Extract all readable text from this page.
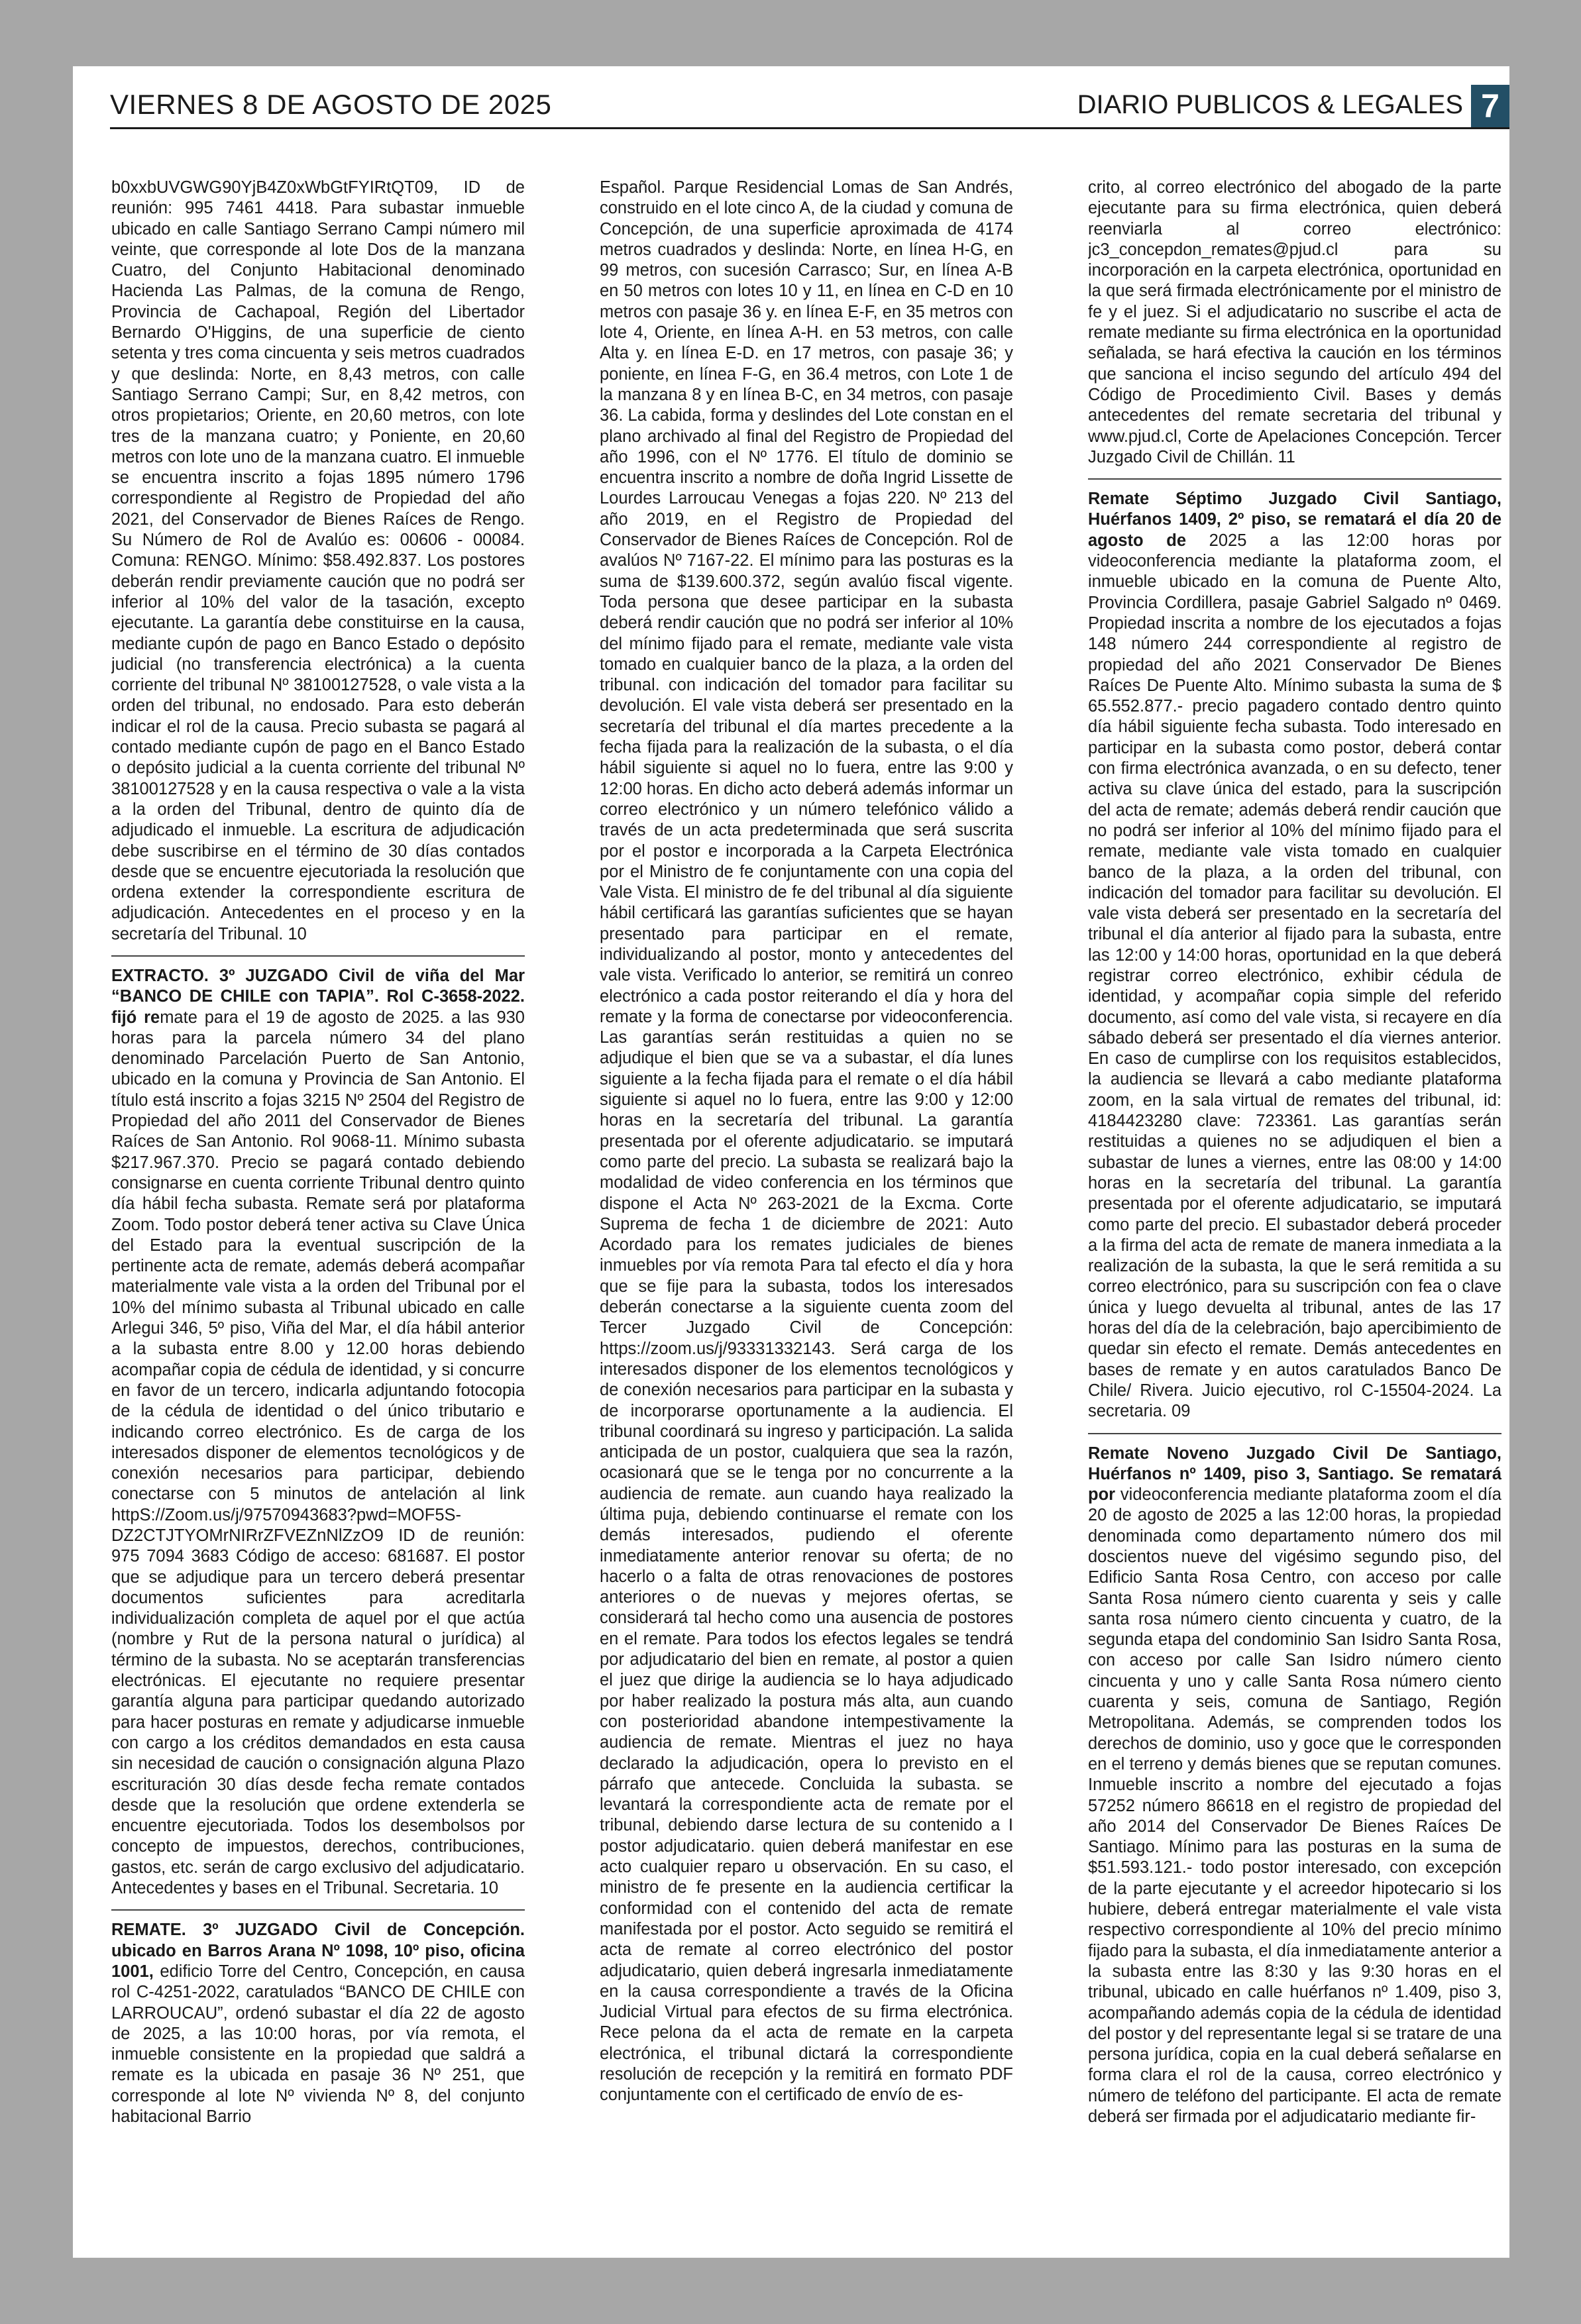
VIERNES 8 DE AGOSTO DE 2025	DIARIO PUBLICOS & LEGALES 7

b0xxbUVGWG90YjB4Z0xWbGtFYIRtQT09, ID de reunión: 995 7461 4418. Para subastar inmueble ubicado en calle Santiago Serrano Campi número mil veinte, que corresponde al lote Dos de la manzana Cuatro, del Conjunto Habitacional denominado Hacienda Las Palmas, de la comuna de Rengo, Provincia de Cachapoal, Región del Libertador Bernardo O'Higgins, de una superficie de ciento setenta y tres coma cincuenta y seis metros cuadrados y que deslinda: Norte, en 8,43 metros, con calle Santiago Serrano Campi; Sur, en 8,42 metros, con otros propietarios; Oriente, en 20,60 metros, con lote tres de la manzana cuatro; y Poniente, en 20,60 metros con lote uno de la manzana cuatro. El inmueble se encuentra inscrito a fojas 1895 número 1796 correspondiente al Registro de Propiedad del año 2021, del Conservador de Bienes Raíces de Rengo. Su Número de Rol de Avalúo es: 00606 - 00084. Comuna: RENGO. Mínimo: $58.492.837. Los postores deberán rendir previamente caución que no podrá ser inferior al 10% del valor de la tasación, excepto ejecutante. La garantía debe constituirse en la causa, mediante cupón de pago en Banco Estado o depósito judicial (no transferencia electrónica) a la cuenta corriente del tribunal Nº 38100127528, o vale vista a la orden del tribunal, no endosado. Para esto deberán indicar el rol de la causa. Precio subasta se pagará al contado mediante cupón de pago en el Banco Estado o depósito judicial a la cuenta corriente del tribunal Nº 38100127528 y en la causa respectiva o vale a la vista a la orden del Tribunal, dentro de quinto día de adjudicado el inmueble. La escritura de adjudicación debe suscribirse en el término de 30 días contados desde que se encuentre ejecutoriada la resolución que ordena extender la correspondiente escritura de adjudicación. Antecedentes en el proceso y en la secretaría del Tribunal. 10

EXTRACTO. 3º JUZGADO Civil de viña del Mar “BANCO DE CHILE con TAPIA”. Rol C-3658-2022. fijó remate para el 19 de agosto de 2025. a las 930 horas para la parcela número 34 del plano denominado Parcelación Puerto de San Antonio, ubicado en la comuna y Provincia de San Antonio. El título está inscrito a fojas 3215 Nº 2504 del Registro de Propiedad del año 2011 del Conservador de Bienes Raíces de San Antonio. Rol 9068-11. Mínimo subasta $217.967.370. Precio se pagará contado debiendo consignarse en cuenta corriente Tribunal dentro quinto día hábil fecha subasta. Remate será por plataforma Zoom. Todo postor deberá tener activa su Clave Única del Estado para la eventual suscripción de la pertinente acta de remate, además deberá acompañar materialmente vale vista a la orden del Tribunal por el 10% del mínimo subasta al Tribunal ubicado en calle Arlegui 346, 5º piso, Viña del Mar, el día hábil anterior a la subasta entre 8.00 y 12.00 horas debiendo acompañar copia de cédula de identidad, y si concurre en favor de un tercero, indicarla adjuntando fotocopia de la cédula de identidad o del único tributario e indicando correo electrónico. Es de carga de los interesados disponer de elementos tecnológicos y de conexión necesarios para participar, debiendo conectarse con 5 minutos de antelación al link httpS://Zoom.us/j/97570943683?pwd=MOF5S-DZ2CTJTYOMrNIRrZFVEZnNlZzO9 ID de reunión: 975 7094 3683 Código de acceso: 681687. El postor que se adjudique para un tercero deberá presentar documentos suficientes para acreditarla individualización completa de aquel por el que actúa (nombre y Rut de la persona natural o jurídica) al término de la subasta. No se aceptarán transferencias electrónicas. El ejecutante no requiere presentar garantía alguna para participar quedando autorizado para hacer posturas en remate y adjudicarse inmueble con cargo a los créditos demandados en esta causa sin necesidad de caución o consignación alguna Plazo escrituración 30 días desde fecha remate contados desde que la resolución que ordene extenderla se encuentre ejecutoriada. Todos los desembolsos por concepto de impuestos, derechos, contribuciones, gastos, etc. serán de cargo exclusivo del adjudicatario. Antecedentes y bases en el Tribunal. Secretaria. 10

REMATE. 3º JUZGADO Civil de Concepción. ubicado en Barros Arana Nº 1098, 10º piso, oficina 1001, edificio Torre del Centro, Concepción, en causa rol C-4251-2022, caratulados “BANCO DE CHILE con LARROUCAU”, ordenó subastar el día 22 de agosto de 2025, a las 10:00 horas, por vía remota, el inmueble consistente en la propiedad que saldrá a remate es la ubicada en pasaje 36 Nº 251, que corresponde al lote Nº vivienda Nº 8, del conjunto habitacional Barrio

Español. Parque Residencial Lomas de San Andrés, construido en el lote cinco A, de la ciudad y comuna de Concepción, de una superficie aproximada de 4174 metros cuadrados y deslinda: Norte, en línea H-G, en 99 metros, con sucesión Carrasco; Sur, en línea A-B en 50 metros con lotes 10 y 11, en línea en C-D en 10 metros con pasaje 36 y. en línea E-F, en 35 metros con lote 4, Oriente, en línea A-H. en 53 metros, con calle Alta y. en línea E-D. en 17 metros, con pasaje 36; y poniente, en línea F-G, en 36.4 metros, con Lote 1 de la manzana 8 y en línea B-C, en 34 metros, con pasaje 36. La cabida, forma y deslindes del Lote constan en el plano archivado al final del Registro de Propiedad del año 1996, con el Nº 1776. El título de dominio se encuentra inscrito a nombre de doña Ingrid Lissette de Lourdes Larroucau Venegas a fojas 220. Nº 213 del año 2019, en el Registro de Propiedad del Conservador de Bienes Raíces de Concepción. Rol de avalúos Nº 7167-22. El mínimo para las posturas es la suma de $139.600.372, según avalúo fiscal vigente. Toda persona que desee participar en la subasta deberá rendir caución que no podrá ser inferior al 10% del mínimo fijado para el remate, mediante vale vista tomado en cualquier banco de la plaza, a la orden del tribunal. con indicación del tomador para facilitar su devolución. El vale vista deberá ser presentado en la secretaría del tribunal el día martes precedente a la fecha fijada para la realización de la subasta, o el día hábil siguiente si aquel no lo fuera, entre las 9:00 y 12:00 horas. En dicho acto deberá además informar un correo electrónico y un número telefónico válido a través de un acta predeterminada que será suscrita por el postor e incorporada a la Carpeta Electrónica por el Ministro de fe conjuntamente con una copia del Vale Vista. El ministro de fe del tribunal al día siguiente hábil certificará las garantías suficientes que se hayan presentado para participar en el remate, individualizando al postor, monto y antecedentes del vale vista. Verificado lo anterior, se remitirá un conreo electrónico a cada postor reiterando el día y hora del remate y la forma de conectarse por videoconferencia. Las garantías serán restituidas a quien no se adjudique el bien que se va a subastar, el día lunes siguiente a la fecha fijada para el remate o el día hábil siguiente si aquel no lo fuera, entre las 9:00 y 12:00 horas en la secretaría del tribunal. La garantía presentada por el oferente adjudicatario. se imputará como parte del precio. La subasta se realizará bajo la modalidad de video conferencia en los términos que dispone el Acta Nº 263-2021 de la Excma. Corte Suprema de fecha 1 de diciembre de 2021: Auto Acordado para los remates judiciales de bienes inmuebles por vía remota Para tal efecto el día y hora que se fije para la subasta, todos los interesados deberán conectarse a la siguiente cuenta zoom del Tercer Juzgado Civil de Concepción: https://zoom.us/j/93331332143. Será carga de los interesados disponer de los elementos tecnológicos y de conexión necesarios para participar en la subasta y de incorporarse oportunamente a la audiencia. El tribunal coordinará su ingreso y participación. La salida anticipada de un postor, cualquiera que sea la razón, ocasionará que se le tenga por no concurrente a la audiencia de remate. aun cuando haya realizado la última puja, debiendo continuarse el remate con los demás interesados, pudiendo el oferente inmediatamente anterior renovar su oferta; de no hacerlo o a falta de otras renovaciones de postores anteriores o de nuevas y mejores ofertas, se considerará tal hecho como una ausencia de postores en el remate. Para todos los efectos legales se tendrá por adjudicatario del bien en remate, al postor a quien el juez que dirige la audiencia se lo haya adjudicado por haber realizado la postura más alta, aun cuando con posterioridad abandone intempestivamente la audiencia de remate. Mientras el juez no haya declarado la adjudicación, opera lo previsto en el párrafo que antecede. Concluida la subasta. se levantará la correspondiente acta de remate por el tribunal, debiendo darse lectura de su contenido a I postor adjudicatario. quien deberá manifestar en ese acto cualquier reparo u observación. En su caso, el ministro de fe presente en la audiencia certificar la conformidad con el contenido del acta de remate manifestada por el postor. Acto seguido se remitirá el acta de remate al correo electrónico del postor adjudicatario, quien deberá ingresarla inmediatamente en la causa correspondiente a través de la Oficina Judicial Virtual para efectos de su firma electrónica. Rece pelona da el acta de remate en la carpeta electrónica, el tribunal dictará la correspondiente resolución de recepción y la remitirá en formato PDF conjuntamente con el certificado de envío de es-

crito, al correo electrónico del abogado de la parte ejecutante para su firma electrónica, quien deberá reenviarla al correo electrónico: jc3_concepdon_remates@pjud.cl para su incorporación en la carpeta electrónica, oportunidad en la que será firmada electrónicamente por el ministro de fe y el juez. Si el adjudicatario no suscribe el acta de remate mediante su firma electrónica en la oportunidad señalada, se hará efectiva la caución en los términos que sanciona el inciso segundo del artículo 494 del Código de Procedimiento Civil. Bases y demás antecedentes del remate secretaria del tribunal y www.pjud.cl, Corte de Apelaciones Concepción. Tercer Juzgado Civil de Chillán. 11

Remate Séptimo Juzgado Civil Santiago, Huérfanos 1409, 2º piso, se rematará el día 20 de agosto de 2025 a las 12:00 horas por videoconferencia mediante la plataforma zoom, el inmueble ubicado en la comuna de Puente Alto, Provincia Cordillera, pasaje Gabriel Salgado nº 0469. Propiedad inscrita a nombre de los ejecutados a fojas 148 número 244 correspondiente al registro de propiedad del año 2021 Conservador De Bienes Raíces De Puente Alto. Mínimo subasta la suma de $ 65.552.877.- precio pagadero contado dentro quinto día hábil siguiente fecha subasta. Todo interesado en participar en la subasta como postor, deberá contar con firma electrónica avanzada, o en su defecto, tener activa su clave única del estado, para la suscripción del acta de remate; además deberá rendir caución que no podrá ser inferior al 10% del mínimo fijado para el remate, mediante vale vista tomado en cualquier banco de la plaza, a la orden del tribunal, con indicación del tomador para facilitar su devolución. El vale vista deberá ser presentado en la secretaría del tribunal el día anterior al fijado para la subasta, entre las 12:00 y 14:00 horas, oportunidad en la que deberá registrar correo electrónico, exhibir cédula de identidad, y acompañar copia simple del referido documento, así como del vale vista, si recayere en día sábado deberá ser presentado el día viernes anterior. En caso de cumplirse con los requisitos establecidos, la audiencia se llevará a cabo mediante plataforma zoom, en la sala virtual de remates del tribunal, id: 4184423280 clave: 723361. Las garantías serán restituidas a quienes no se adjudiquen el bien a subastar de lunes a viernes, entre las 08:00 y 14:00 horas en la secretaría del tribunal. La garantía presentada por el oferente adjudicatario, se imputará como parte del precio. El subastador deberá proceder a la firma del acta de remate de manera inmediata a la realización de la subasta, la que le será remitida a su correo electrónico, para su suscripción con fea o clave única y luego devuelta al tribunal, antes de las 17 horas del día de la celebración, bajo apercibimiento de quedar sin efecto el remate. Demás antecedentes en bases de remate y en autos caratulados Banco De Chile/ Rivera. Juicio ejecutivo, rol C-15504-2024. La secretaria. 09

Remate Noveno Juzgado Civil De Santiago, Huérfanos nº 1409, piso 3, Santiago. Se rematará por videoconferencia mediante plataforma zoom el día 20 de agosto de 2025 a las 12:00 horas, la propiedad denominada como departamento número dos mil doscientos nueve del vigésimo segundo piso, del Edificio Santa Rosa Centro, con acceso por calle Santa Rosa número ciento cuarenta y seis y calle santa rosa número ciento cincuenta y cuatro, de la segunda etapa del condominio San Isidro Santa Rosa, con acceso por calle San Isidro número ciento cincuenta y uno y calle Santa Rosa número ciento cuarenta y seis, comuna de Santiago, Región Metropolitana. Además, se comprenden todos los derechos de dominio, uso y goce que le corresponden en el terreno y demás bienes que se reputan comunes. Inmueble inscrito a nombre del ejecutado a fojas 57252 número 86618 en el registro de propiedad del año 2014 del Conservador De Bienes Raíces De Santiago. Mínimo para las posturas en la suma de $51.593.121.- todo postor interesado, con excepción de la parte ejecutante y el acreedor hipotecario si los hubiere, deberá entregar materialmente el vale vista respectivo correspondiente al 10% del precio mínimo fijado para la subasta, el día inmediatamente anterior a la subasta entre las 8:30 y las 9:30 horas en el tribunal, ubicado en calle huérfanos nº 1.409, piso 3, acompañando además copia de la cédula de identidad del postor y del representante legal si se tratare de una persona jurídica, copia en la cual deberá señalarse en forma clara el rol de la causa, correo electrónico y número de teléfono del participante. El acta de remate deberá ser firmada por el adjudicatario mediante fir-
